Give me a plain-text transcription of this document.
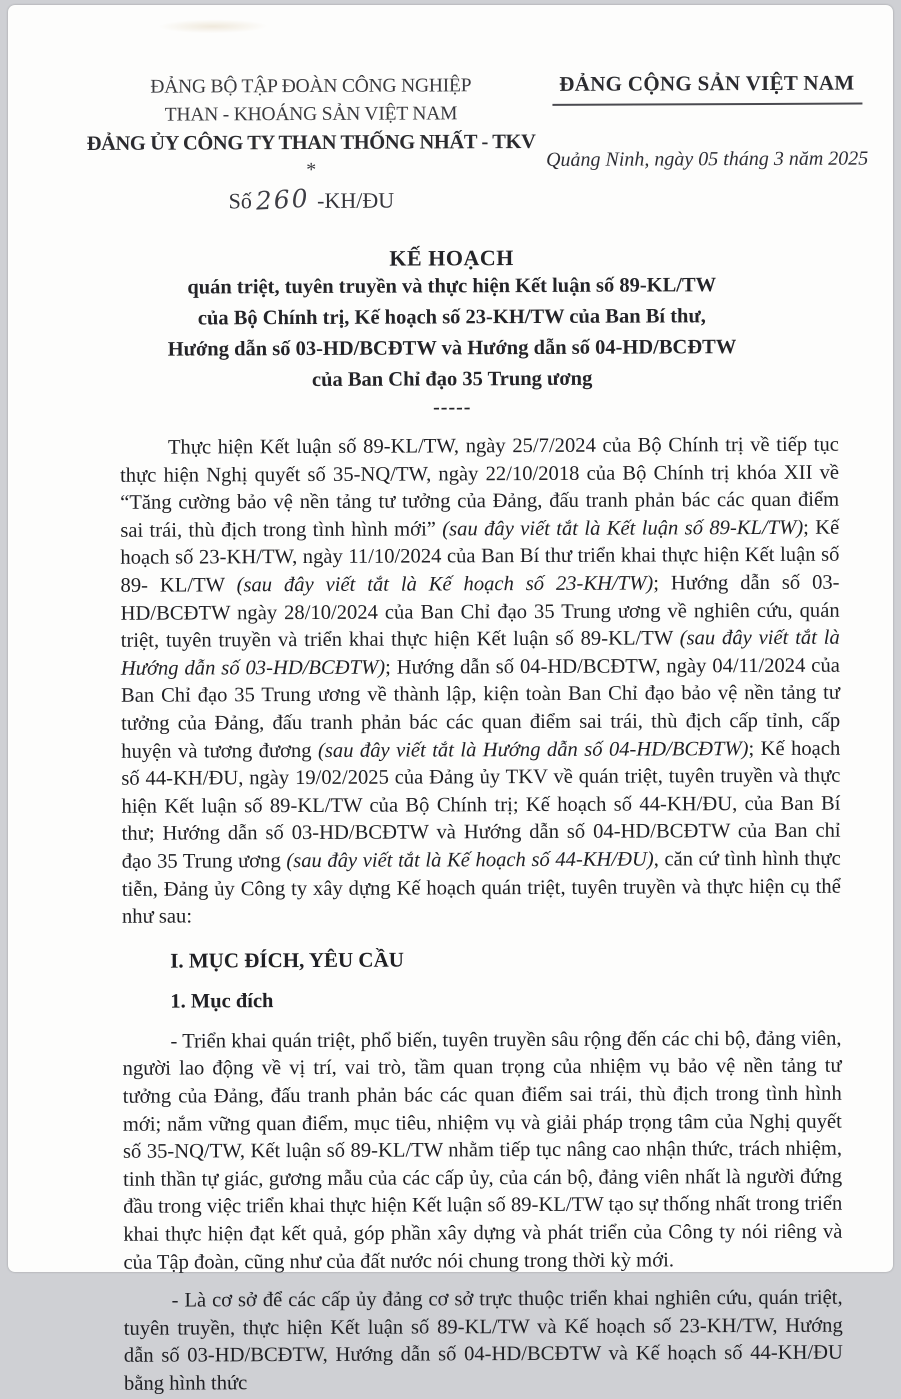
ĐẢNG BỘ TẬP ĐOÀN CÔNG NGHIỆP
THAN - KHOÁNG SẢN VIỆT NAM
ĐẢNG ỦY CÔNG TY THAN THỐNG NHẤT - TKV
*
Số 260 -KH/ĐU
ĐẢNG CỘNG SẢN VIỆT NAM
Quảng Ninh, ngày 05 tháng 3 năm 2025
KẾ HOẠCH
quán triệt, tuyên truyền và thực hiện Kết luận số 89-KL/TW
của Bộ Chính trị, Kế hoạch số 23-KH/TW của Ban Bí thư,
Hướng dẫn số 03-HD/BCĐTW và Hướng dẫn số 04-HD/BCĐTW
của Ban Chỉ đạo 35 Trung ương
-----

Thực hiện Kết luận số 89-KL/TW, ngày 25/7/2024 của Bộ Chính trị về tiếp tục thực hiện Nghị quyết số 35-NQ/TW, ngày 22/10/2018 của Bộ Chính trị khóa XII về “Tăng cường bảo vệ nền tảng tư tưởng của Đảng, đấu tranh phản bác các quan điểm sai trái, thù địch trong tình hình mới” (sau đây viết tắt là Kết luận số 89-KL/TW); Kế hoạch số 23-KH/TW, ngày 11/10/2024 của Ban Bí thư triển khai thực hiện Kết luận số 89- KL/TW (sau đây viết tắt là Kế hoạch số 23-KH/TW); Hướng dẫn số 03-HD/BCĐTW ngày 28/10/2024 của Ban Chỉ đạo 35 Trung ương về nghiên cứu, quán triệt, tuyên truyền và triển khai thực hiện Kết luận số 89-KL/TW (sau đây viết tắt là Hướng dẫn số 03-HD/BCĐTW); Hướng dẫn số 04-HD/BCĐTW, ngày 04/11/2024 của Ban Chỉ đạo 35 Trung ương về thành lập, kiện toàn Ban Chỉ đạo bảo vệ nền tảng tư tưởng của Đảng, đấu tranh phản bác các quan điểm sai trái, thù địch cấp tỉnh, cấp huyện và tương đương (sau đây viết tắt là Hướng dẫn số 04-HD/BCĐTW); Kế hoạch số 44-KH/ĐU, ngày 19/02/2025 của Đảng ủy TKV về quán triệt, tuyên truyền và thực hiện Kết luận số 89-KL/TW của Bộ Chính trị; Kế hoạch số 44-KH/ĐU, của Ban Bí thư; Hướng dẫn số 03-HD/BCĐTW và Hướng dẫn số 04-HD/BCĐTW của Ban chỉ đạo 35 Trung ương (sau đây viết tắt là Kế hoạch số 44-KH/ĐU), căn cứ tình hình thực tiễn, Đảng ủy Công ty xây dựng Kế hoạch quán triệt, tuyên truyền và thực hiện cụ thể như sau:

I. MỤC ĐÍCH, YÊU CẦU
1. Mục đích

- Triển khai quán triệt, phổ biến, tuyên truyền sâu rộng đến các chi bộ, đảng viên, người lao động về vị trí, vai trò, tầm quan trọng của nhiệm vụ bảo vệ nền tảng tư tưởng của Đảng, đấu tranh phản bác các quan điểm sai trái, thù địch trong tình hình mới; nắm vững quan điểm, mục tiêu, nhiệm vụ và giải pháp trọng tâm của Nghị quyết số 35-NQ/TW, Kết luận số 89-KL/TW nhằm tiếp tục nâng cao nhận thức, trách nhiệm, tinh thần tự giác, gương mẫu của các cấp ủy, của cán bộ, đảng viên nhất là người đứng đầu trong việc triển khai thực hiện Kết luận số 89-KL/TW tạo sự thống nhất trong triển khai thực hiện đạt kết quả, góp phần xây dựng và phát triển của Công ty nói riêng và của Tập đoàn, cũng như của đất nước nói chung trong thời kỳ mới.

- Là cơ sở để các cấp ủy đảng cơ sở trực thuộc triển khai nghiên cứu, quán triệt, tuyên truyền, thực hiện Kết luận số 89-KL/TW và Kế hoạch số 23-KH/TW, Hướng dẫn số 03-HD/BCĐTW, Hướng dẫn số 04-HD/BCĐTW và Kế hoạch số 44-KH/ĐU bằng hình thức
